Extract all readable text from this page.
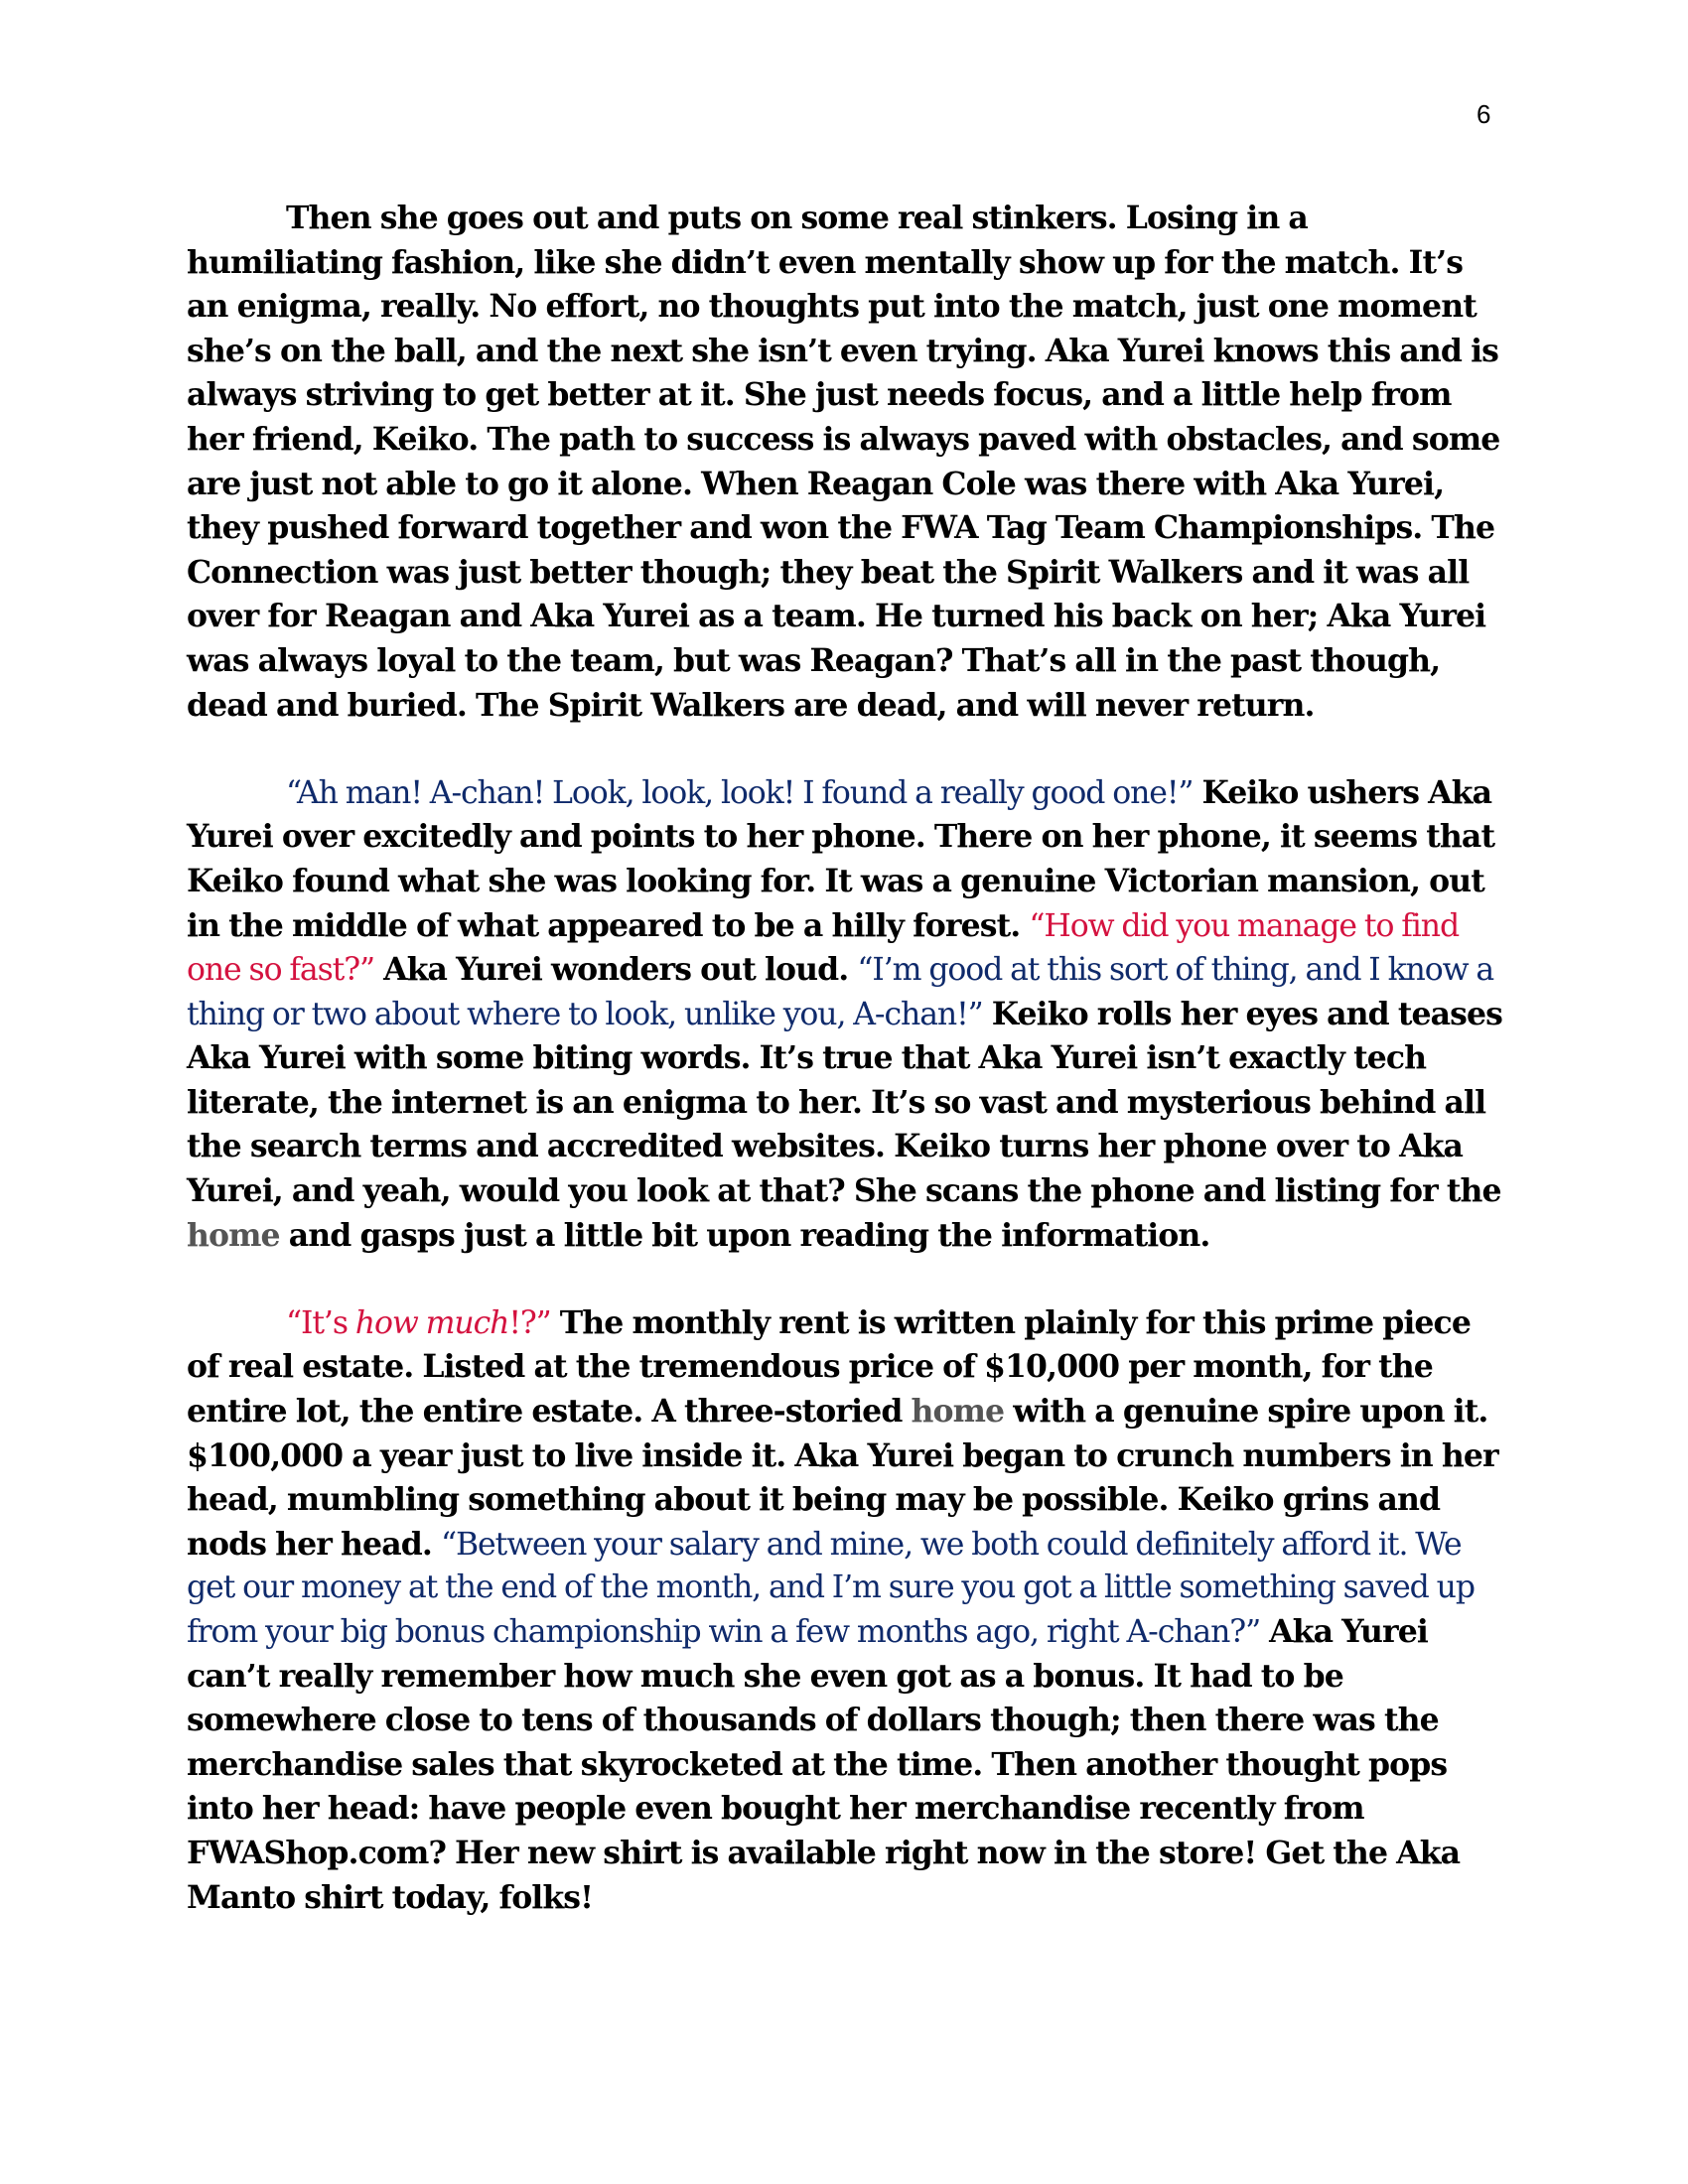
6

Then she goes out and puts on some real stinkers. Losing in a humiliating fashion, like she didn’t even mentally show up for the match. It’s an enigma, really. No effort, no thoughts put into the match, just one moment she’s on the ball, and the next she isn’t even trying. Aka Yurei knows this and is always striving to get better at it. She just needs focus, and a little help from her friend, Keiko. The path to success is always paved with obstacles, and some are just not able to go it alone. When Reagan Cole was there with Aka Yurei, they pushed forward together and won the FWA Tag Team Championships. The Connection was just better though; they beat the Spirit Walkers and it was all over for Reagan and Aka Yurei as a team. He turned his back on her; Aka Yurei was always loyal to the team, but was Reagan? That’s all in the past though, dead and buried. The Spirit Walkers are dead, and will never return.

“Ah man! A-chan! Look, look, look! I found a really good one!” Keiko ushers Aka Yurei over excitedly and points to her phone. There on her phone, it seems that Keiko found what she was looking for. It was a genuine Victorian mansion, out in the middle of what appeared to be a hilly forest. “How did you manage to find one so fast?” Aka Yurei wonders out loud. “I’m good at this sort of thing, and I know a thing or two about where to look, unlike you, A-chan!” Keiko rolls her eyes and teases Aka Yurei with some biting words. It’s true that Aka Yurei isn’t exactly tech literate, the internet is an enigma to her. It’s so vast and mysterious behind all the search terms and accredited websites. Keiko turns her phone over to Aka Yurei, and yeah, would you look at that? She scans the phone and listing for the home and gasps just a little bit upon reading the information.

“It’s how much!?” The monthly rent is written plainly for this prime piece of real estate. Listed at the tremendous price of $10,000 per month, for the entire lot, the entire estate. A three-storied home with a genuine spire upon it. $100,000 a year just to live inside it. Aka Yurei began to crunch numbers in her head, mumbling something about it being may be possible. Keiko grins and nods her head. “Between your salary and mine, we both could definitely afford it. We get our money at the end of the month, and I’m sure you got a little something saved up from your big bonus championship win a few months ago, right A-chan?” Aka Yurei can’t really remember how much she even got as a bonus. It had to be somewhere close to tens of thousands of dollars though; then there was the merchandise sales that skyrocketed at the time. Then another thought pops into her head: have people even bought her merchandise recently from FWAShop.com? Her new shirt is available right now in the store! Get the Aka Manto shirt today, folks!
